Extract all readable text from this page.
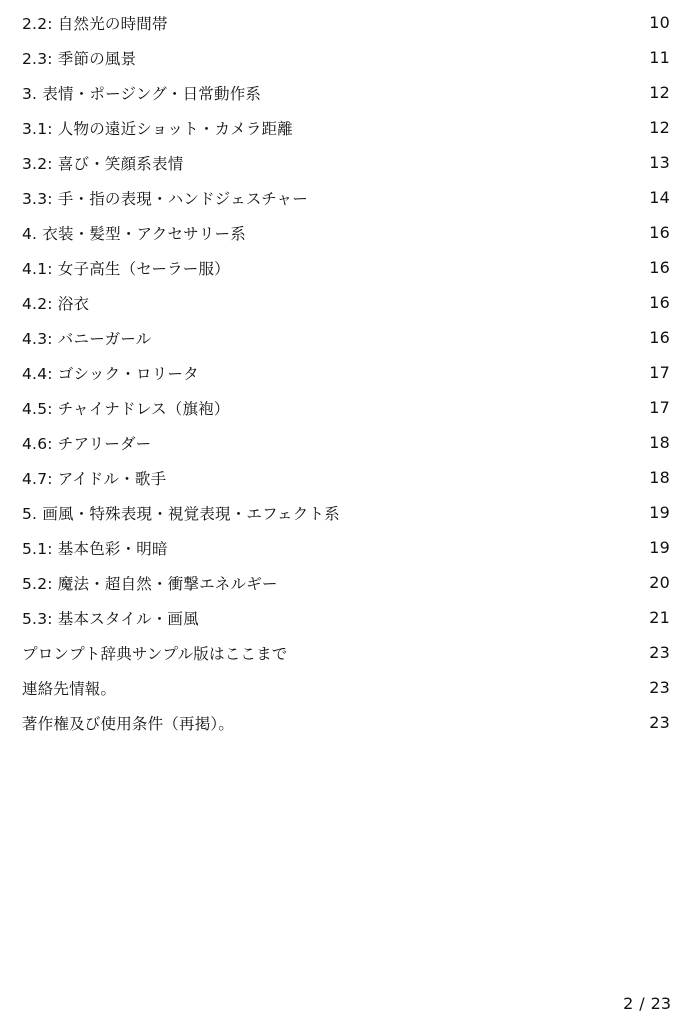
2.2: 自然光の時間帯	10
2.3: 季節の風景	11
3. 表情・ポージング・日常動作系	12
3.1: 人物の遠近ショット・カメラ距離	12
3.2: 喜び・笑顔系表情	13
3.3: 手・指の表現・ハンドジェスチャー	14
4. 衣装・髪型・アクセサリー系	16
4.1: 女子高生（セーラー服）	16
4.2: 浴衣	16
4.3: バニーガール	16
4.4: ゴシック・ロリータ	17
4.5: チャイナドレス（旗袍）	17
4.6: チアリーダー	18
4.7: アイドル・歌手	18
5. 画風・特殊表現・視覚表現・エフェクト系	19
5.1: 基本色彩・明暗	19
5.2: 魔法・超自然・衝撃エネルギー	20
5.3: 基本スタイル・画風	21
プロンプト辞典サンプル版はここまで	23
連絡先情報。	23
著作権及び使用条件（再掲）。	23
2 / 23
